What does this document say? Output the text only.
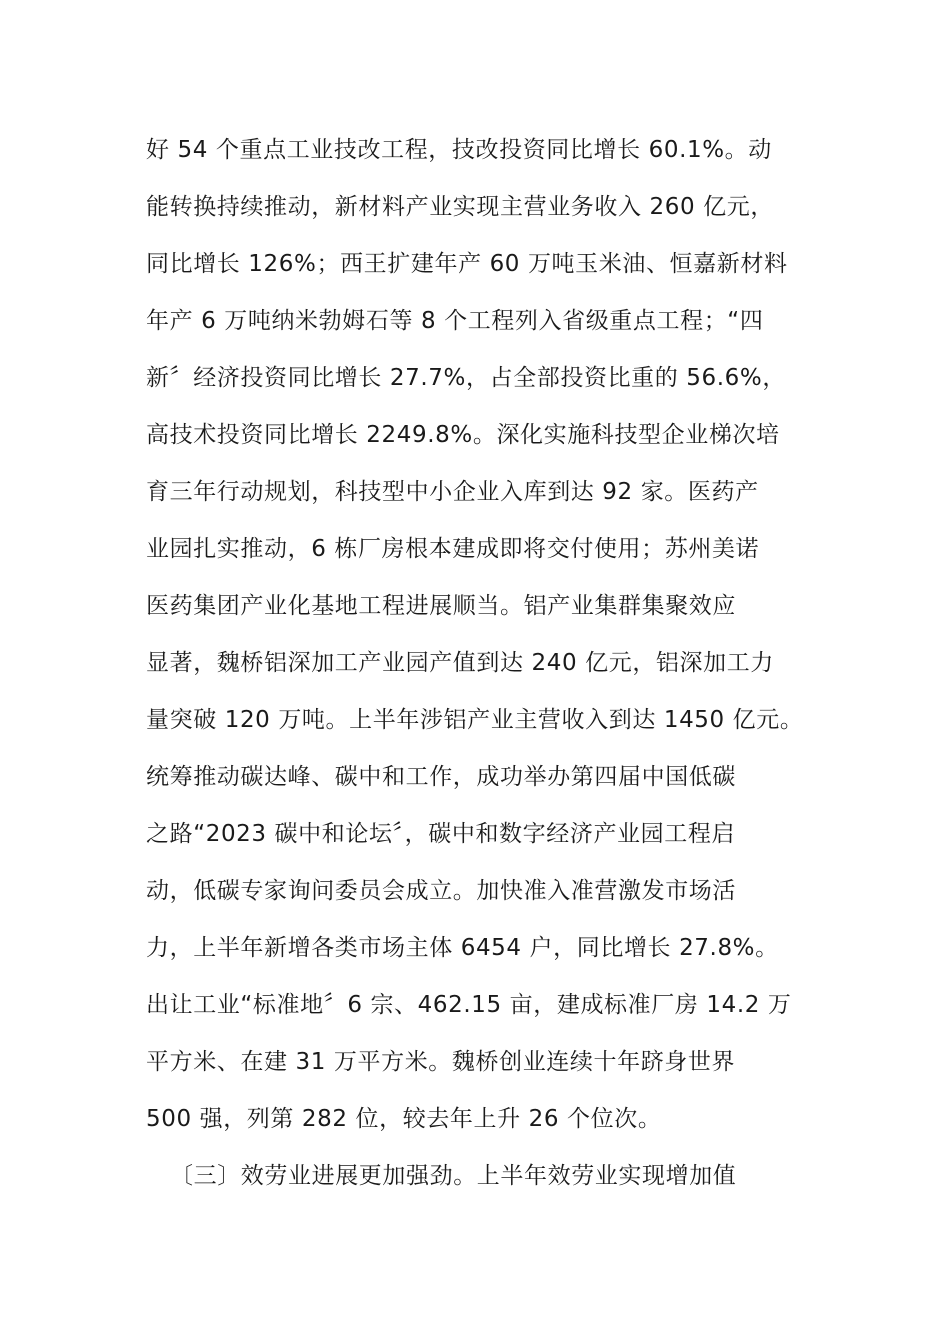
好 54 个重点工业技改工程，技改投资同比增长 60.1%。动
能转换持续推动，新材料产业实现主营业务收入 260 亿元，
同比增长 126%；西王扩建年产 60 万吨玉米油、恒嘉新材料
年产 6 万吨纳米勃姆石等 8 个工程列入省级重点工程；“四
新〞经济投资同比增长 27.7%，占全部投资比重的 56.6%，
高技术投资同比增长 2249.8%。深化实施科技型企业梯次培
育三年行动规划，科技型中小企业入库到达 92 家。医药产
业园扎实推动，6 栋厂房根本建成即将交付使用；苏州美诺
医药集团产业化基地工程进展顺当。铝产业集群集聚效应
显著，魏桥铝深加工产业园产值到达 240 亿元，铝深加工力
量突破 120 万吨。上半年涉铝产业主营收入到达 1450 亿元。
统筹推动碳达峰、碳中和工作，成功举办第四届中国低碳
之路“2023 碳中和论坛〞，碳中和数字经济产业园工程启
动，低碳专家询问委员会成立。加快准入准营激发市场活
力，上半年新增各类市场主体 6454 户，同比增长 27.8%。
出让工业“标准地〞6 宗、462.15 亩，建成标准厂房 14.2 万
平方米、在建 31 万平方米。魏桥创业连续十年跻身世界
500 强，列第 282 位，较去年上升 26 个位次。
〔三〕效劳业进展更加强劲。上半年效劳业实现增加值
